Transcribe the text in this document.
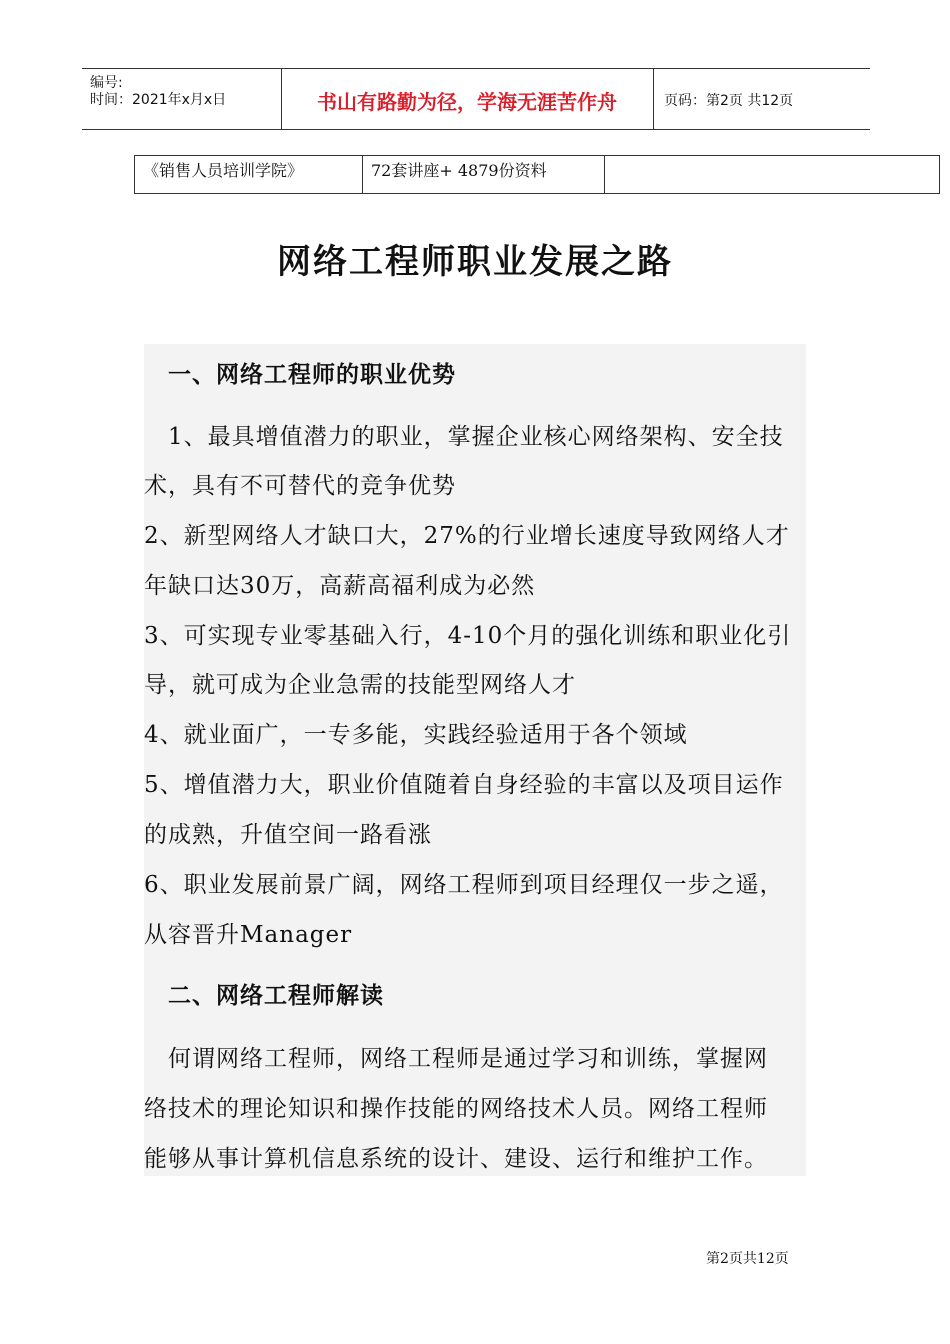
编号:
时间：2021年x月x日	书山有路勤为径，学海无涯苦作舟	页码：第2页 共12页
《销售人员培训学院》	72套讲座+ 4879份资料
网络工程师职业发展之路
　一、网络工程师的职业优势
　1、最具增值潜力的职业，掌握企业核心网络架构、安全技
术，具有不可替代的竞争优势
2、新型网络人才缺口大，27%的行业增长速度导致网络人才
年缺口达30万，高薪高福利成为必然
3、可实现专业零基础入行，4-10个月的强化训练和职业化引
导，就可成为企业急需的技能型网络人才
4、就业面广，一专多能，实践经验适用于各个领域
5、增值潜力大，职业价值随着自身经验的丰富以及项目运作
的成熟，升值空间一路看涨
6、职业发展前景广阔，网络工程师到项目经理仅一步之遥，
从容晋升Manager
　二、网络工程师解读
　何谓网络工程师，网络工程师是通过学习和训练，掌握网
络技术的理论知识和操作技能的网络技术人员。网络工程师
能够从事计算机信息系统的设计、建设、运行和维护工作。
第2页共12页
